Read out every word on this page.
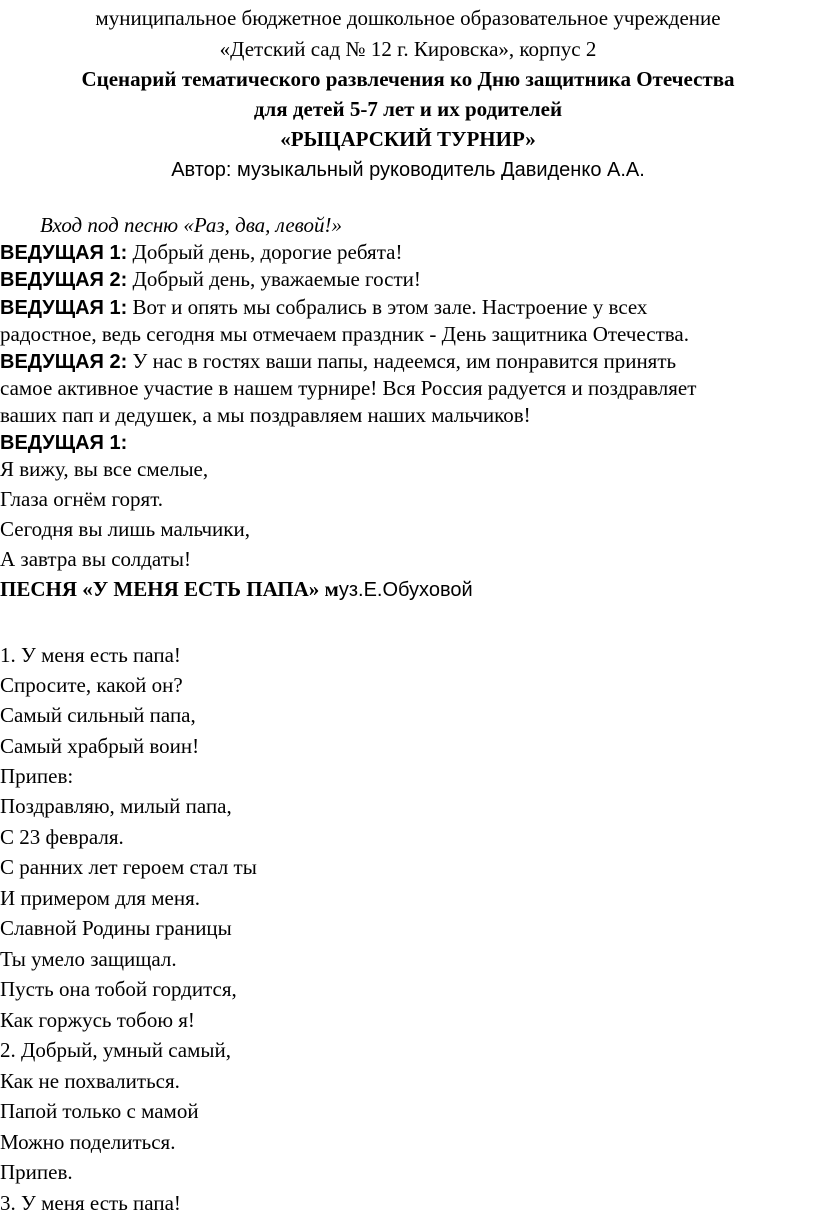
муниципальное бюджетное дошкольное образовательное учреждение
«Детский сад № 12 г. Кировска», корпус 2
Сценарий тематического развлечения ко Дню защитника Отечества
для детей 5-7 лет и их родителей
«РЫЦАРСКИЙ ТУРНИР»
Автор: музыкальный руководитель Давиденко А.А.
Вход под песню «Раз, два, левой!»
ВЕДУЩАЯ 1: Добрый день, дорогие ребята!
ВЕДУЩАЯ 2: Добрый день, уважаемые гости!
ВЕДУЩАЯ 1: Вот и опять мы собрались в этом зале. Настроение у всех
радостное, ведь сегодня мы отмечаем праздник - День защитника Отечества.
ВЕДУЩАЯ 2: У нас в гостях ваши папы, надеемся, им понравится принять
самое активное участие в нашем турнире! Вся Россия радуется и поздравляет
ваших пап и дедушек, а мы поздравляем наших мальчиков!
ВЕДУЩАЯ 1:
Я вижу, вы все смелые,
Глаза огнём горят.
Сегодня вы лишь мальчики,
А завтра вы солдаты!
ПЕСНЯ «У МЕНЯ ЕСТЬ ПАПА» муз.Е.Обуховой
1. У меня есть папа!
Спросите, какой он?
Самый сильный папа,
Самый храбрый воин!
Припев:
Поздравляю, милый папа,
С 23 февраля.
С ранних лет героем стал ты
И примером для меня.
Славной Родины границы
Ты умело защищал.
Пусть она тобой гордится,
Как горжусь тобою я!
2. Добрый, умный самый,
Как не похвалиться.
Папой только с мамой
Можно поделиться.
Припев.
3. У меня есть папа!
